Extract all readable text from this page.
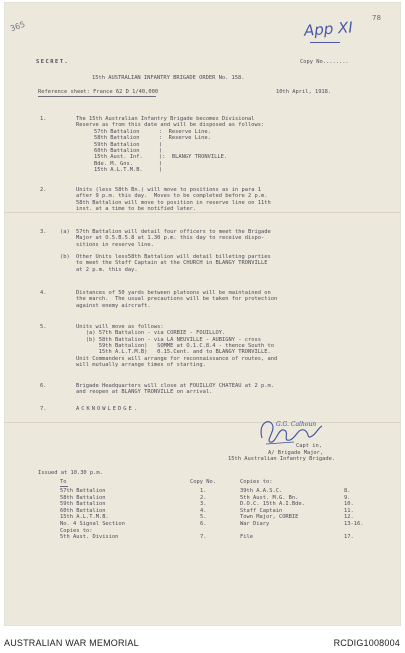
365
78
App XI
SECRET.	Copy No........
15th AUSTRALIAN INFANTRY BRIGADE ORDER No. 158.
Reference sheet: France 62 D 1/40,000	10th April, 1918.
1.	The 15th Australian Infantry Brigade becomes Divisional
Reserve as from this date and will be disposed as follows:
57th Battalion      :  Reserve Line.
58th Battalion      :  Reserve Line.
59th Battalion      )
60th Battalion      )
15th Aust. Inf.     ):  BLANGY TRONVILLE.
Bde. M. Gns.        )
15th A.L.T.M.B.     )
2.	Units (less 58th Bn.) will move to positions as in para 1
after 9 p.m. this day.  Moves to be completed before 2 p.m.
58th Battalion will move to position in reserve line on 11th
inst. at a time to be notified later.
3.	(a)
(b)
57th Battalion will detail four officers to meet the Brigade
Major at O.5.B.5.8 at 1.30 p.m. this day to receive dispo-
sitions in reserve line.
Other Units less58th Battalion will detail billeting parties
to meet the Staff Captain at the CHURCH in BLANGY TRONVILLE
at 2 p.m. this day.
4.	Distances of 50 yards between platoons will be maintained on
the march.  The usual precautions will be taken for protection
against enemy aircraft.
5.	Units will move as follows:
(a) 57th Battalion - via CORBIE - FOUILLOY.
(b) 58th Battalion - via LA NEUVILLE - AUBIGNY - cross
59th Battalion)   SOMME at O.1.C.8.4 - thence South to
15th A.L.T.M.B)   0.15.Cent. and to BLANGY TRONVILLE.
Unit Commanders will arrange for reconnaissance of routes, and
will mutually arrange times of starting.
6.	Brigade Headquarters will close at FOUILLOY CHATEAU at 2 p.m.
and reopen at BLANGY TRONVILLE on arrival.
7.	ACKNOWLEDGE.
G.G. Calhoun
Capt in,
A/ Brigade Major,
15th Australian Infantry Brigade.
Issued at 10.30 p.m.
To	Copy No.	Copies to:
57th Battalion	1.	39th A.A.S.C.	8.
58th Battalion	2.	5th Aust. M.G. Bn.	9.
59th Battalion	3.	D.O.C. 15th A.I.Bde.	10.
60th Battalion	4.	Staff Captain	11.
15th A.L.T.M.B.	5.	Town Major, CORBIE	12.
No. 4 Signal Section	6.	War Diary	13-16.
Copies to:
5th Aust. Division	7.	File	17.
AUSTRALIAN WAR MEMORIAL	RCDIG1008004
